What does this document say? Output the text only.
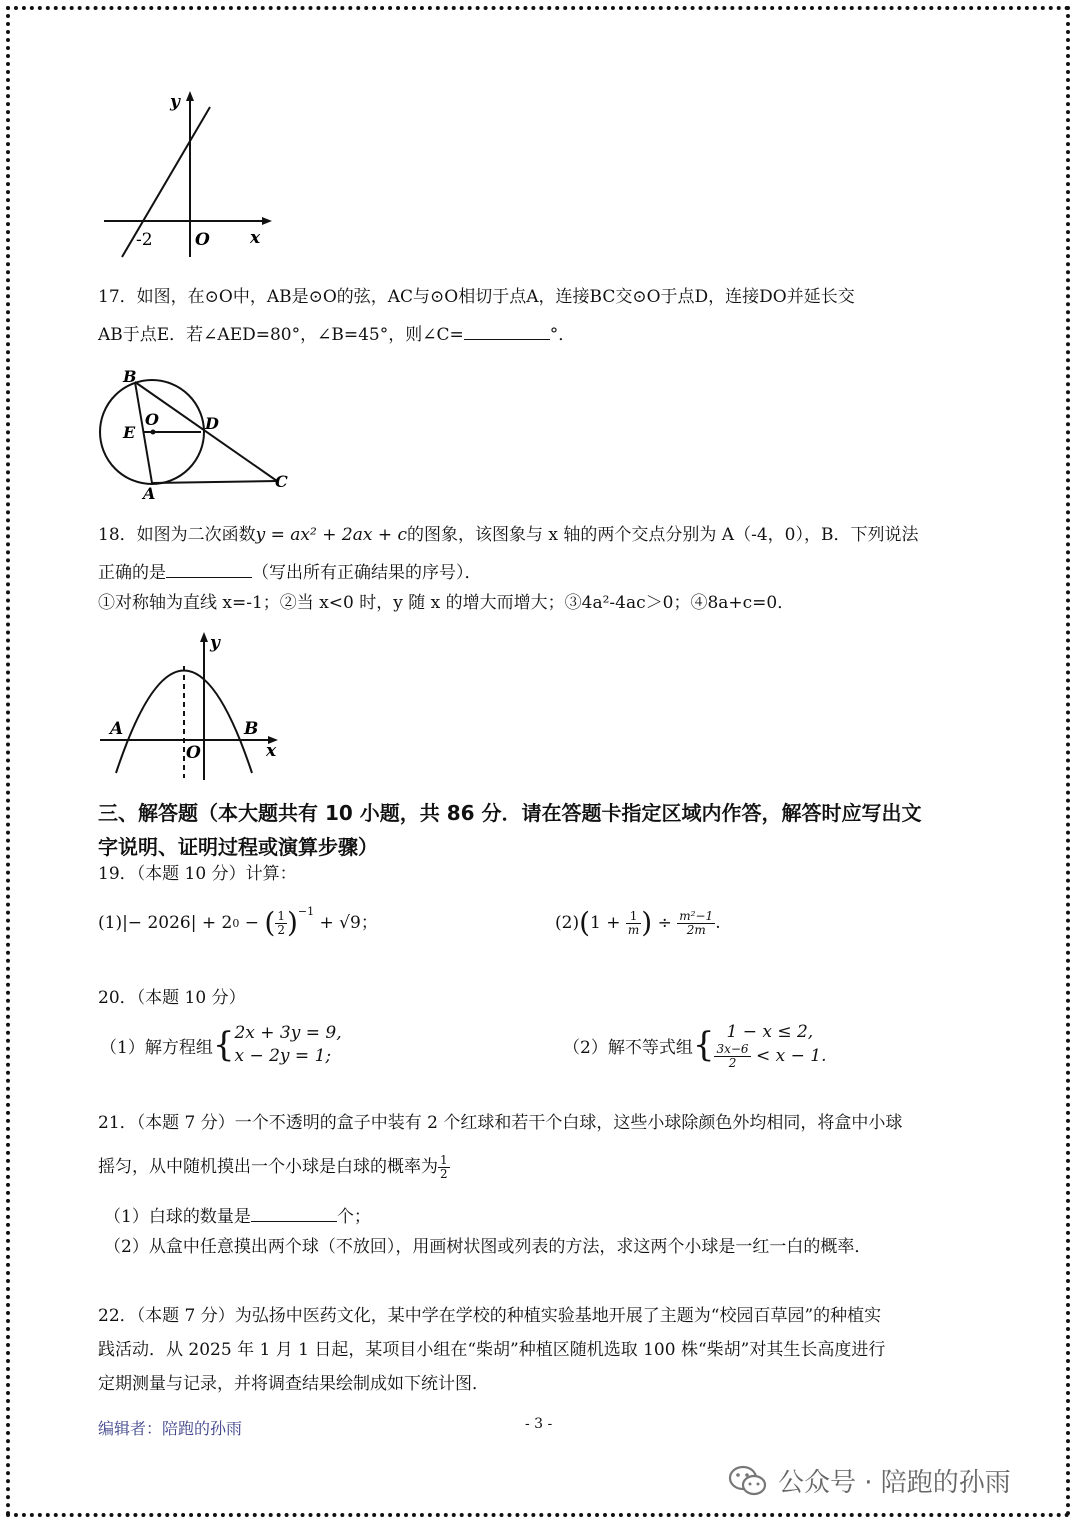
y
-2 O x
17．如图，在⊙O中，AB是⊙O的弦，AC与⊙O相切于点A，连接BC交⊙O于点D，连接DO并延长交
AB于点E．若∠AED=80°，∠B=45°，则∠C=	°．
B
O	D
E
A
C
18．如图为二次函数y = ax² + 2ax + c的图象，该图象与 x 轴的两个交点分别为 A（-4，0），B．下列说法
正确的是	（写出所有正确结果的序号）．
①对称轴为直线 x=-1；②当 x<0 时，y 随 x 的增大而增大；③4a²-4ac＞0；④8a+c=0．
y
A	B
O	x
三、解答题（本大题共有 10 小题，共 86 分．请在答题卡指定区域内作答，解答时应写出文
字说明、证明过程或演算步骤）
19．（本题 10 分）计算：
(1)|− 2026| + 2 0 − ( $\frac{1}{2} )^{-1}$
+ √9；	(2) ( $1 + \frac{1}{m}$ ) ÷ $\frac{\text{m²−1}}{2m}$ .
20．（本题 10 分）
（1）解方程组 { 2x + 3y = 9,
x − 2y = 1;	（2）解不等式组 { 1 − x ≤ 2,
$\frac{3x-6}{2} < x - 1$.
21．（本题 7 分）一个不透明的盒子中装有 2 个红球和若干个白球，这些小球除颜色外均相同，将盒中小球
摇匀，从中随机摸出一个小球是白球的概率为 $\frac{1}{2}$
（1）白球的数量是	个；
（2）从盒中任意摸出两个球（不放回），用画树状图或列表的方法，求这两个小球是一红一白的概率．
22．（本题 7 分）为弘扬中医药文化，某中学在学校的种植实验基地开展了主题为“校园百草园”的种植实
践活动．从 2025 年 1 月 1 日起，某项目小组在“柴胡”种植区随机选取 100 株“柴胡”对其生长高度进行
定期测量与记录，并将调查结果绘制成如下统计图．
编辑者：陪跑的孙雨	- 3 -
公众号 · 陪跑的孙雨
